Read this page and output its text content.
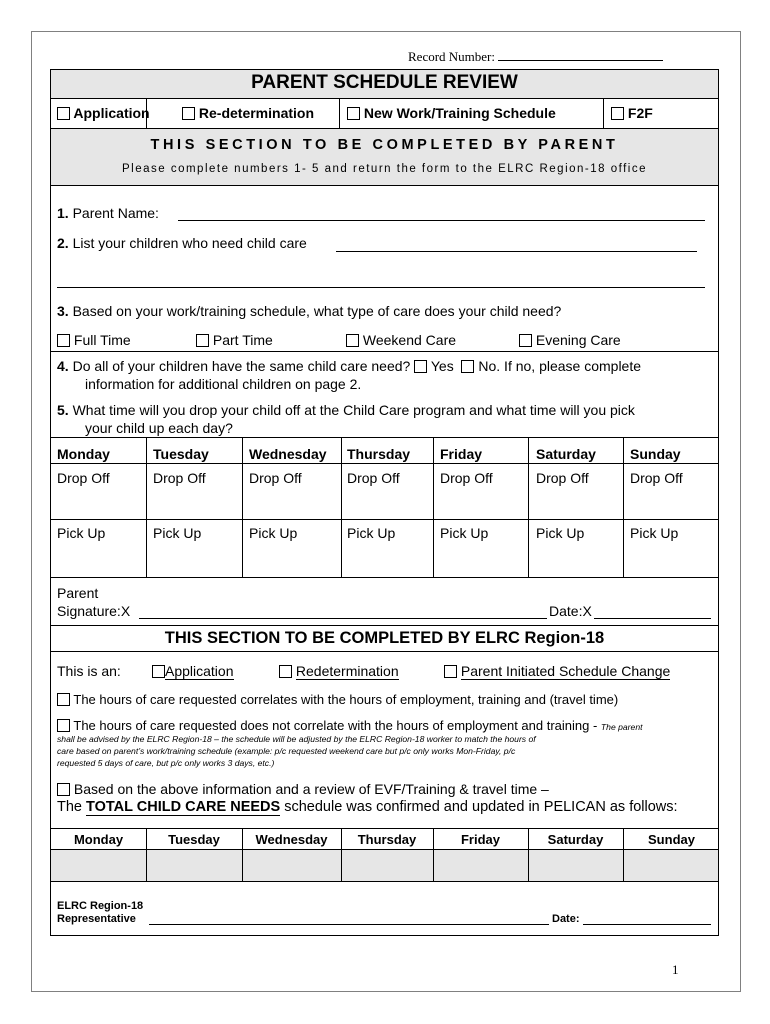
Record Number:
PARENT SCHEDULE REVIEW
Application	Re-determination	New Work/Training Schedule	F2F
THIS SECTION TO BE COMPLETED BY PARENT
Please complete numbers 1- 5 and return the form to the ELRC Region-18 office
1. Parent Name:
2. List your children who need child care
3. Based on your work/training schedule, what type of care does your child need?
Full Time	Part Time	Weekend Care	Evening Care
4. Do all of your children have the same child care need? Yes No. If no, please complete
information for additional children on page 2.
5. What time will you drop your child off at the Child Care program and what time will you pick
your child up each day?
Monday	Tuesday	Wednesday Thursday Friday	Saturday Sunday
Drop Off	Drop Off	Drop Off	Drop Off	Drop Off	Drop Off	Drop Off
Pick Up	Pick Up	Pick Up	Pick Up	Pick Up	Pick Up	Pick Up
Parent
Signature:X	Date:X
THIS SECTION TO BE COMPLETED BY ELRC Region-18
This is an:	Application	Redetermination	Parent Initiated Schedule Change
The hours of care requested correlates with the hours of employment, training and (travel time)
The hours of care requested does not correlate with the hours of employment and training - The parent
shall be advised by the ELRC Region-18 – the schedule will be adjusted by the ELRC Region-18 worker to match the hours of
care based on parent’s work/training schedule (example: p/c requested weekend care but p/c only works Mon-Friday, p/c
requested 5 days of care, but p/c only works 3 days, etc.)
Based on the above information and a review of EVF/Training & travel time –
The TOTAL CHILD CARE NEEDS schedule was confirmed and updated in PELICAN as follows:
Monday	Tuesday	Wednesday	Thursday	Friday	Saturday	Sunday
ELRC Region-18
Representative	Date:
1
